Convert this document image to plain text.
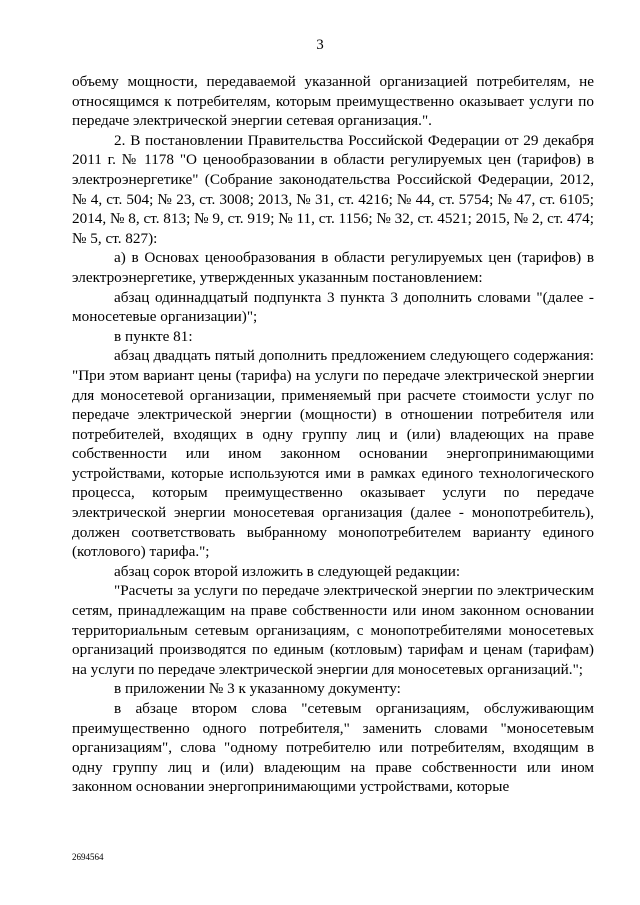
3

объему мощности, передаваемой указанной организацией потребителям, не относящимся к потребителям, которым преимущественно оказывает услуги по передаче электрической энергии сетевая организация.".

2. В постановлении Правительства Российской Федерации от 29 декабря 2011 г. № 1178 "О ценообразовании в области регулируемых цен (тарифов) в электроэнергетике" (Собрание законодательства Российской Федерации, 2012, № 4, ст. 504; № 23, ст. 3008; 2013, № 31, ст. 4216; № 44, ст. 5754; № 47, ст. 6105; 2014, № 8, ст. 813; № 9, ст. 919; № 11, ст. 1156; № 32, ст. 4521; 2015, № 2, ст. 474; № 5, ст. 827):

а) в Основах ценообразования в области регулируемых цен (тарифов) в электроэнергетике, утвержденных указанным постановлением:

абзац одиннадцатый подпункта 3 пункта 3 дополнить словами "(далее - моносетевые организации)";

в пункте 81:

абзац двадцать пятый дополнить предложением следующего содержания: "При этом вариант цены (тарифа) на услуги по передаче электрической энергии для моносетевой организации, применяемый при расчете стоимости услуг по передаче электрической энергии (мощности) в отношении потребителя или потребителей, входящих в одну группу лиц и (или) владеющих на праве собственности или ином законном основании энергопринимающими устройствами, которые используются ими в рамках единого технологического процесса, которым преимущественно оказывает услуги по передаче электрической энергии моносетевая организация (далее - монопотребитель), должен соответствовать выбранному монопотребителем варианту единого (котлового) тарифа.";

абзац сорок второй изложить в следующей редакции:

"Расчеты за услуги по передаче электрической энергии по электрическим сетям, принадлежащим на праве собственности или ином законном основании территориальным сетевым организациям, с монопотребителями моносетевых организаций производятся по единым (котловым) тарифам и ценам (тарифам) на услуги по передаче электрической энергии для моносетевых организаций.";

в приложении № 3 к указанному документу:

в абзаце втором слова "сетевым организациям, обслуживающим преимущественно одного потребителя," заменить словами "моносетевым организациям", слова "одному потребителю или потребителям, входящим в одну группу лиц и (или) владеющим на праве собственности или ином законном основании энергопринимающими устройствами, которые

2694564
